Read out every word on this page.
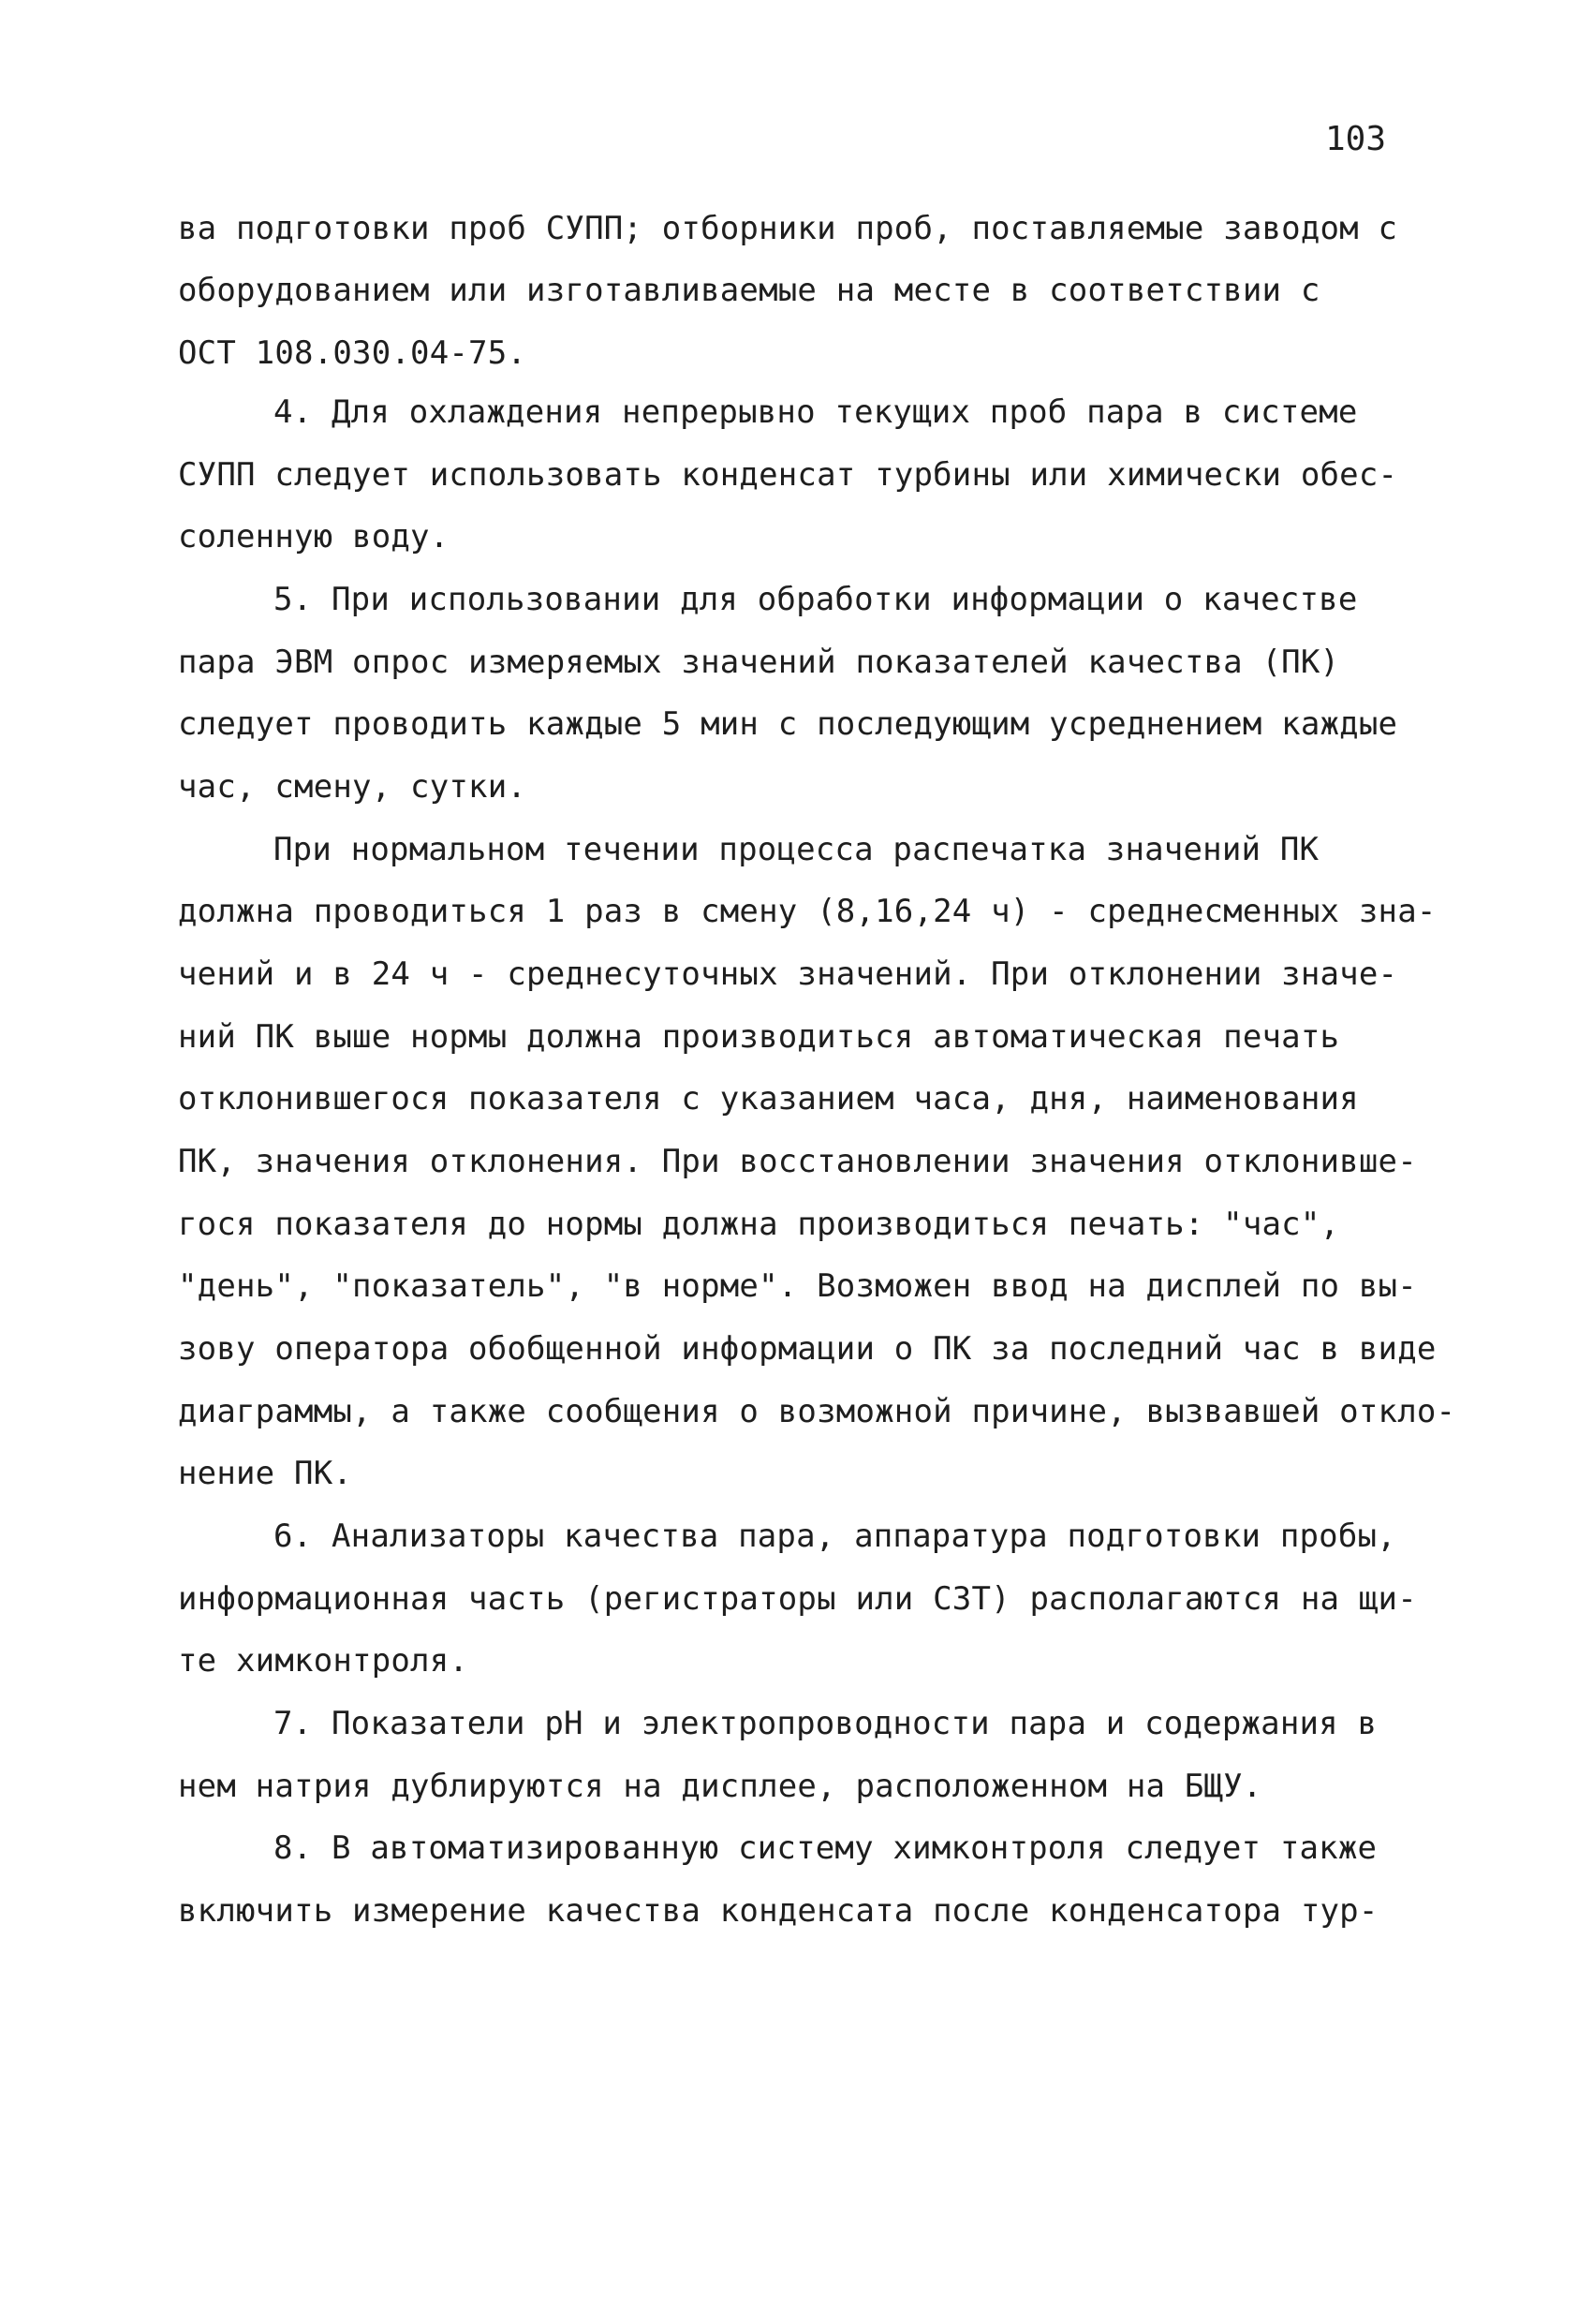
103
ва подготовки проб СУПП; отборники проб, поставляемые заводом с
оборудованием или изготавливаемые на месте в соответствии с
ОСТ 108.030.04-75.
4. Для охлаждения непрерывно текущих проб пара в системе
СУПП следует использовать конденсат турбины или химически обес-
соленную воду.
5. При использовании для обработки информации о качестве
пара ЭВМ опрос измеряемых значений показателей качества (ПК)
следует проводить каждые 5 мин с последующим усреднением каждые
час, смену, сутки.
При нормальном течении процесса распечатка значений ПК
должна проводиться 1 раз в смену (8,16,24 ч) - среднесменных зна-
чений и в 24 ч - среднесуточных значений. При отклонении значе-
ний ПК выше нормы должна производиться автоматическая печать
отклонившегося показателя с указанием часа, дня, наименования
ПК, значения отклонения. При восстановлении значения отклонивше-
гося показателя до нормы должна производиться печать: "час",
"день", "показатель", "в норме". Возможен ввод на дисплей по вы-
зову оператора обобщенной информации о ПК за последний час в виде
диаграммы, а также сообщения о возможной причине, вызвавшей откло-
нение ПК.
6. Анализаторы качества пара, аппаратура подготовки пробы,
информационная часть (регистраторы или СЗТ) располагаются на щи-
те химконтроля.
7. Показатели рН и электропроводности пара и содержания в
нем натрия дублируются на дисплее, расположенном на БЩУ.
8. В автоматизированную систему химконтроля следует также
включить измерение качества конденсата после конденсатора тур-
